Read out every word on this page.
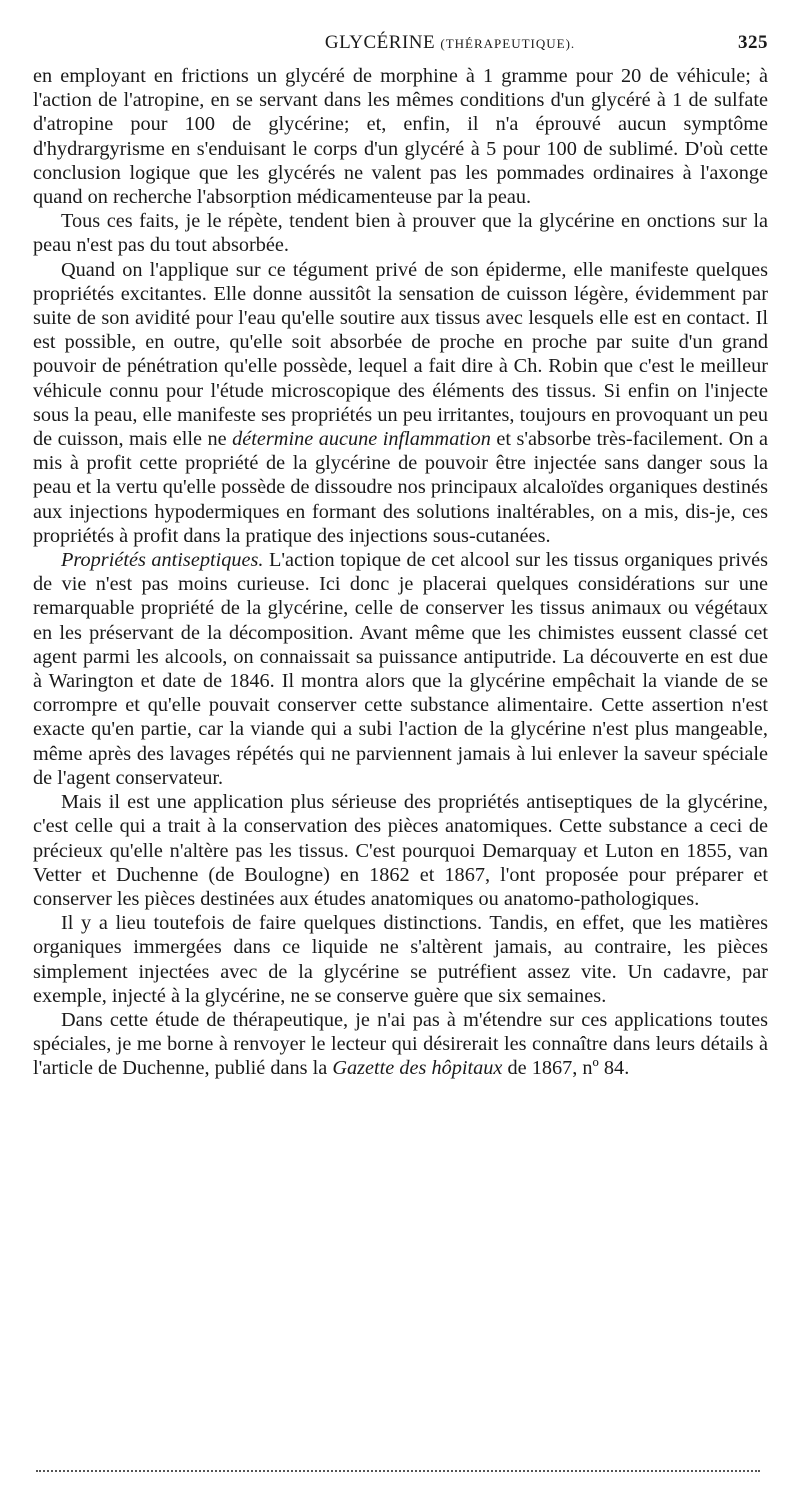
GLYCÉRINE (THÉRAPEUTIQUE).	325

en employant en frictions un glycéré de morphine à 1 gramme pour 20 de véhicule; à l'action de l'atropine, en se servant dans les mêmes conditions d'un glycéré à 1 de sulfate d'atropine pour 100 de glycérine; et, enfin, il n'a éprouvé aucun symptôme d'hydrargyrisme en s'enduisant le corps d'un glycéré à 5 pour 100 de sublimé. D'où cette conclusion logique que les glycérés ne valent pas les pommades ordinaires à l'axonge quand on recherche l'absorption médicamenteuse par la peau.

Tous ces faits, je le répète, tendent bien à prouver que la glycérine en onctions sur la peau n'est pas du tout absorbée.

Quand on l'applique sur ce tégument privé de son épiderme, elle manifeste quelques propriétés excitantes. Elle donne aussitôt la sensation de cuisson légère, évidemment par suite de son avidité pour l'eau qu'elle soutire aux tissus avec lesquels elle est en contact. Il est possible, en outre, qu'elle soit absorbée de proche en proche par suite d'un grand pouvoir de pénétration qu'elle possède, lequel a fait dire à Ch. Robin que c'est le meilleur véhicule connu pour l'étude microscopique des éléments des tissus. Si enfin on l'injecte sous la peau, elle manifeste ses propriétés un peu irritantes, toujours en provoquant un peu de cuisson, mais elle ne détermine aucune inflammation et s'absorbe très-facilement. On a mis à profit cette propriété de la glycérine de pouvoir être injectée sans danger sous la peau et la vertu qu'elle possède de dissoudre nos principaux alcaloïdes organiques destinés aux injections hypodermiques en formant des solutions inaltérables, on a mis, dis-je, ces propriétés à profit dans la pratique des injections sous-cutanées.

Propriétés antiseptiques. L'action topique de cet alcool sur les tissus organiques privés de vie n'est pas moins curieuse. Ici donc je placerai quelques considérations sur une remarquable propriété de la glycérine, celle de conserver les tissus animaux ou végétaux en les préservant de la décomposition. Avant même que les chimistes eussent classé cet agent parmi les alcools, on connaissait sa puissance antiputride. La découverte en est due à Warington et date de 1846. Il montra alors que la glycérine empêchait la viande de se corrompre et qu'elle pouvait conserver cette substance alimentaire. Cette assertion n'est exacte qu'en partie, car la viande qui a subi l'action de la glycérine n'est plus mangeable, même après des lavages répétés qui ne parviennent jamais à lui enlever la saveur spéciale de l'agent conservateur.

Mais il est une application plus sérieuse des propriétés antiseptiques de la glycérine, c'est celle qui a trait à la conservation des pièces anatomiques. Cette substance a ceci de précieux qu'elle n'altère pas les tissus. C'est pourquoi Demarquay et Luton en 1855, van Vetter et Duchenne (de Boulogne) en 1862 et 1867, l'ont proposée pour préparer et conserver les pièces destinées aux études anatomiques ou anatomo-pathologiques.

Il y a lieu toutefois de faire quelques distinctions. Tandis, en effet, que les matières organiques immergées dans ce liquide ne s'altèrent jamais, au contraire, les pièces simplement injectées avec de la glycérine se putréfient assez vite. Un cadavre, par exemple, injecté à la glycérine, ne se conserve guère que six semaines.

Dans cette étude de thérapeutique, je n'ai pas à m'étendre sur ces applications toutes spéciales, je me borne à renvoyer le lecteur qui désirerait les connaître dans leurs détails à l'article de Duchenne, publié dans la Gazette des hôpitaux de 1867, nº 84.
